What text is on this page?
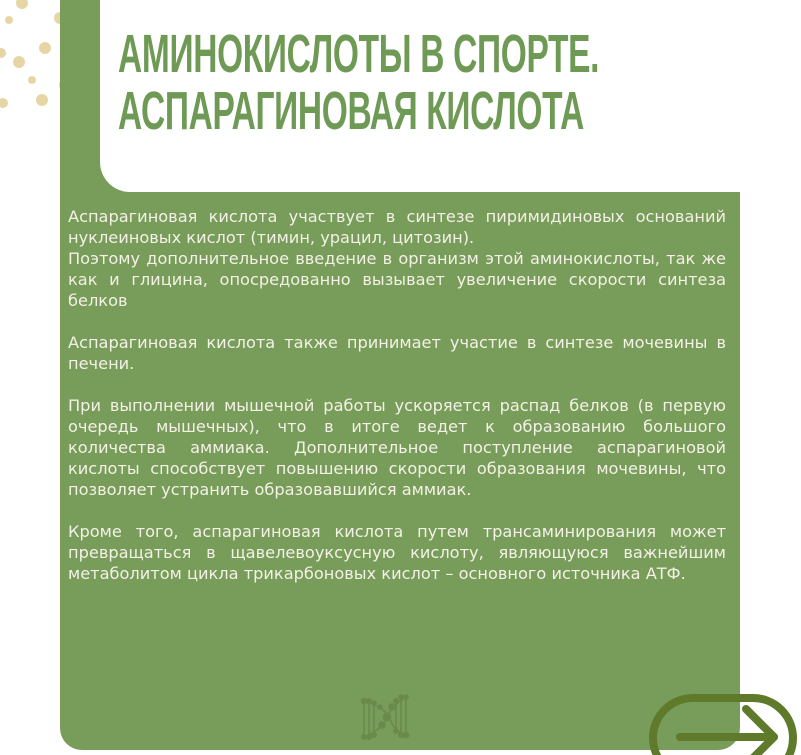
АМИНОКИСЛОТЫ В СПОРТЕ.
АСПАРАГИНОВАЯ КИСЛОТА

Аспарагиновая кислота участвует в синтезе пиримидиновых оснований нуклеиновых кислот (тимин, урацил, цитозин).

Поэтому дополнительное введение в организм этой аминокислоты, так же как и глицина, опосредованно вызывает увеличение скорости синтеза белков

Аспарагиновая кислота также принимает участие в синтезе мочевины в печени.

При выполнении мышечной работы ускоряется распад белков (в первую очередь мышечных), что в итоге ведет к образованию большого количества аммиака. Дополнительное поступление аспарагиновой кислоты способствует повышению скорости образования мочевины, что позволяет устранить образовавшийся аммиак.

Кроме того, аспарагиновая кислота путем трансаминирования может превращаться в щавелевоуксусную кислоту, являющуюся важнейшим метаболитом цикла трикарбоновых кислот – основного источника АТФ.
